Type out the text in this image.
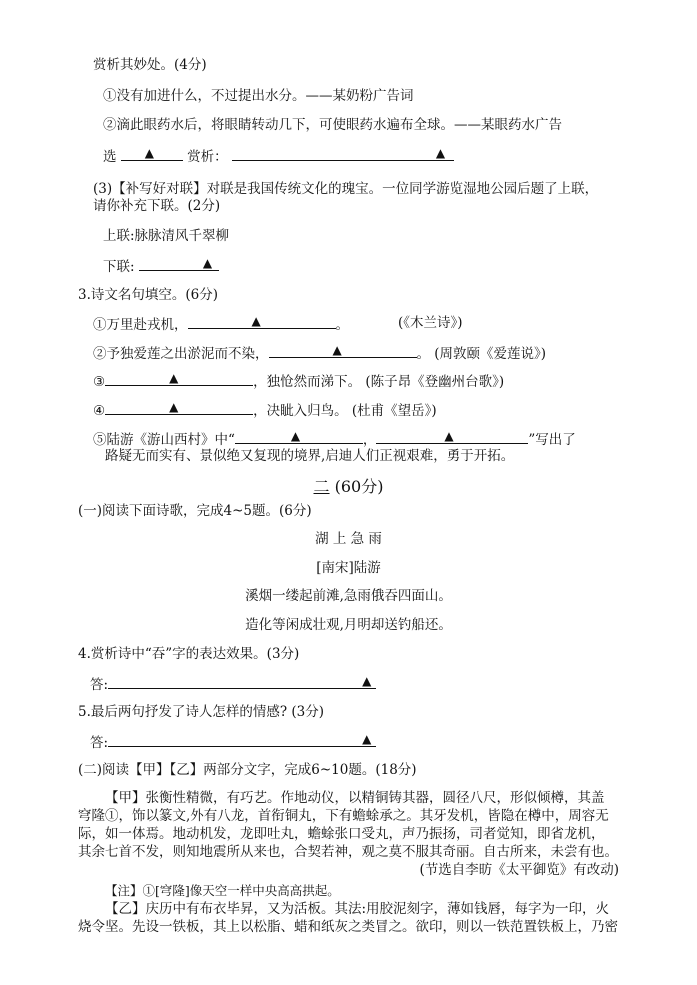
赏析其妙处。(4分)
①没有加进什么，不过提出水分。——某奶粉广告词
②滴此眼药水后，将眼睛转动几下，可使眼药水遍布全球。——某眼药水广告
选 ▲ 赏析：	▲
(3)【补写好对联】对联是我国传统文化的瑰宝。一位同学游览湿地公园后题了上联，
请你补充下联。(2分)
上联:脉脉清风千翠柳
下联:	▲
3.诗文名句填空。(6分)
①万里赴戎机，	▲	。	(《木兰诗》)
②予独爱莲之出淤泥而不染，	▲	。 (周敦颐《爱莲说》)
③	▲	，独怆然而涕下。 (陈子昂《登幽州台歌》)
④	▲	，决眦入归鸟。 (杜甫《望岳》)
⑤陆游《游山西村》中“	▲	，	▲	”写出了
路疑无而实有、景似绝又复现的境界,启迪人们正视艰难，勇于开拓。
二 (60分)
(一)阅读下面诗歌，完成4~5题。(6分)
湖 上 急 雨
[南宋]陆游
溪烟一缕起前滩,急雨俄吞四面山。
造化等闲成壮观,月明却送钓船还。
4.赏析诗中“吞”字的表达效果。(3分)
答:	▲
5.最后两句抒发了诗人怎样的情感? (3分)
答:	▲
(二)阅读【甲】【乙】两部分文字，完成6~10题。(18分)
【甲】张衡性精微，有巧艺。作地动仪，以精铜铸其器，圆径八尺，形似倾樽，其盖
穹隆①，饰以篆文,外有八龙，首衔铜丸，下有蟾蜍承之。其牙发机，皆隐在樽中，周容无
际，如一体焉。地动机发，龙即吐丸，蟾蜍张口受丸，声乃振扬，司者觉知，即省龙机，
其余七首不发，则知地震所从来也，合契若神，观之莫不服其奇丽。自古所来，未尝有也。
(节选自李昉《太平御览》有改动)
【注】①[穹隆]像天空一样中央高高拱起。
【乙】庆历中有布衣毕昇，又为活板。其法:用胶泥刻字，薄如钱唇，每字为一印，火
烧令坚。先设一铁板，其上以松脂、蜡和纸灰之类冒之。欲印，则以一铁范置铁板上，乃密
